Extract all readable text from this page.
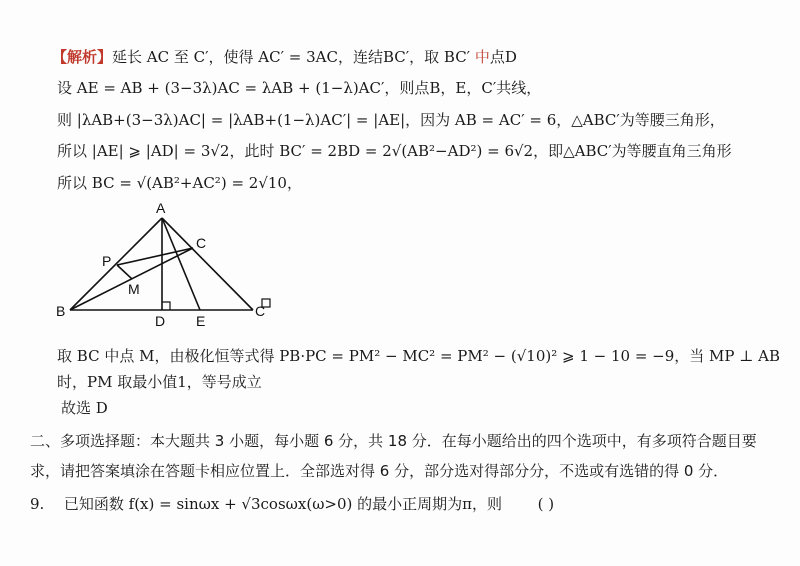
【解析】延长 AC 至 C′，使得 AC′ = 3AC，连结BC′，取 BC′ 中点D
设 AE = AB + (3−3λ)AC = λAB + (1−λ)AC′，则点B，E，C′共线，
则 |λAB+(3−3λ)AC| = |λAB+(1−λ)AC′| = |AE|，因为 AB = AC′ = 6，△ABC′为等腰三角形，
所以 |AE| ⩾ |AD| = 3√2，此时 BC′ = 2BD = 2√(AB²−AD²) = 6√2，即△ABC′为等腰直角三角形
所以 BC = √(AB²+AC²) = 2√10，
A
B
C
C
D E
P
M
取 BC 中点 M，由极化恒等式得 PB·PC = PM² − MC² = PM² − (√10)² ⩾ 1 − 10 = −9，当 MP ⊥ AB
时，PM 取最小值1，等号成立
故选 D
二、多项选择题：本大题共 3 小题，每小题 6 分，共 18 分．在每小题给出的四个选项中，有多项符合题目要
求，请把答案填涂在答题卡相应位置上．全部选对得 6 分，部分选对得部分分，不选或有选错的得 0 分．
9. 已知函数 f(x) = sinωx + √3cosωx(ω>0) 的最小正周期为π，则 ( )
